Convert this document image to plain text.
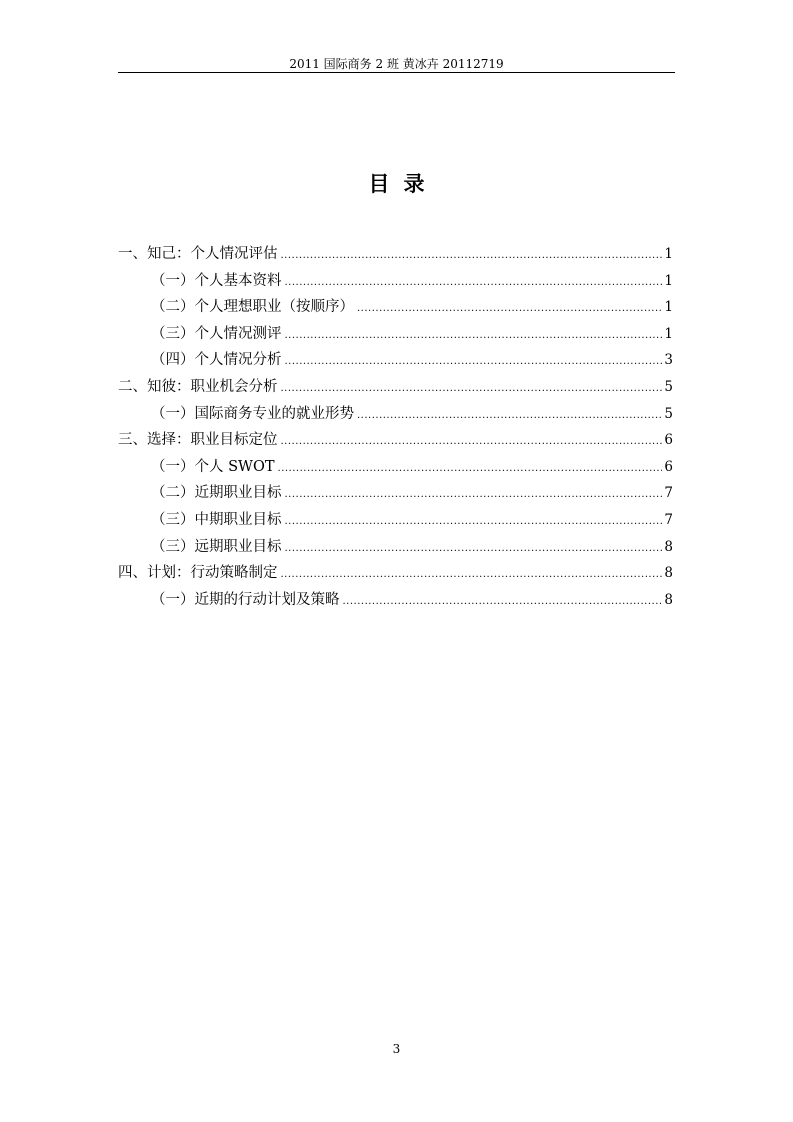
2011 国际商务 2 班 黄冰卉 20112719
目录
一、知己：个人情况评估 .....	1
（一）个人基本资料 .....	1
（二）个人理想职业（按顺序） .....	1
（三）个人情况测评 .....	1
（四）个人情况分析 .....	3
二、知彼：职业机会分析 .....	5
（一）国际商务专业的就业形势 .....	5
三、选择：职业目标定位 .....	6
（一）个人 SWOT .....	6
（二）近期职业目标 .....	7
（三）中期职业目标 .....	7
（三）远期职业目标 .....	8
四、计划：行动策略制定 .....	8
（一）近期的行动计划及策略 .....	8
3
